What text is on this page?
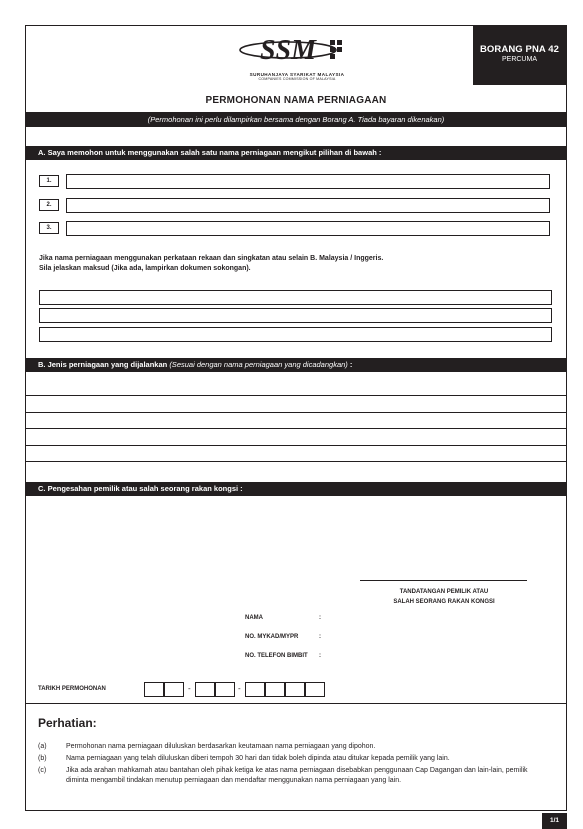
SSM
SURUHANJAYA SYARIKAT MALAYSIA
COMPANIES COMMISSION OF MALAYSIA
BORANG PNA 42
PERCUMA
PERMOHONAN NAMA PERNIAGAAN
(Permohonan ini perlu dilampirkan bersama dengan Borang A. Tiada bayaran dikenakan)
A. Saya memohon untuk menggunakan salah satu nama perniagaan mengikut pilihan di bawah :
1.
2.
3.
Jika nama perniagaan menggunakan perkataan rekaan dan singkatan atau selain B. Malaysia / Inggeris.
Sila jelaskan maksud (Jika ada, lampirkan dokumen sokongan).
B. Jenis perniagaan yang dijalankan (Sesuai dengan nama perniagaan yang dicadangkan) :
C. Pengesahan pemilik atau salah seorang rakan kongsi :
TANDATANGAN PEMILIK ATAU
SALAH SEORANG RAKAN KONGSI
NAMA	:
NO. MYKAD/MYPR	:
NO. TELEFON BIMBIT :
TARIKH PERMOHONAN	-	-
Perhatian:
(a)	Permohonan nama perniagaan diluluskan berdasarkan keutamaan nama perniagaan yang dipohon.
(b)	Nama perniagaan yang telah diluluskan diberi tempoh 30 hari dan tidak boleh dipinda atau ditukar kepada pemilik yang lain.
(c)	Jika ada arahan mahkamah atau bantahan oleh pihak ketiga ke atas nama perniagaan disebabkan penggunaan Cap Dagangan dan lain-lain, pemilik diminta mengambil tindakan menutup perniagaan dan mendaftar menggunakan nama perniagaan yang lain.
1/1
